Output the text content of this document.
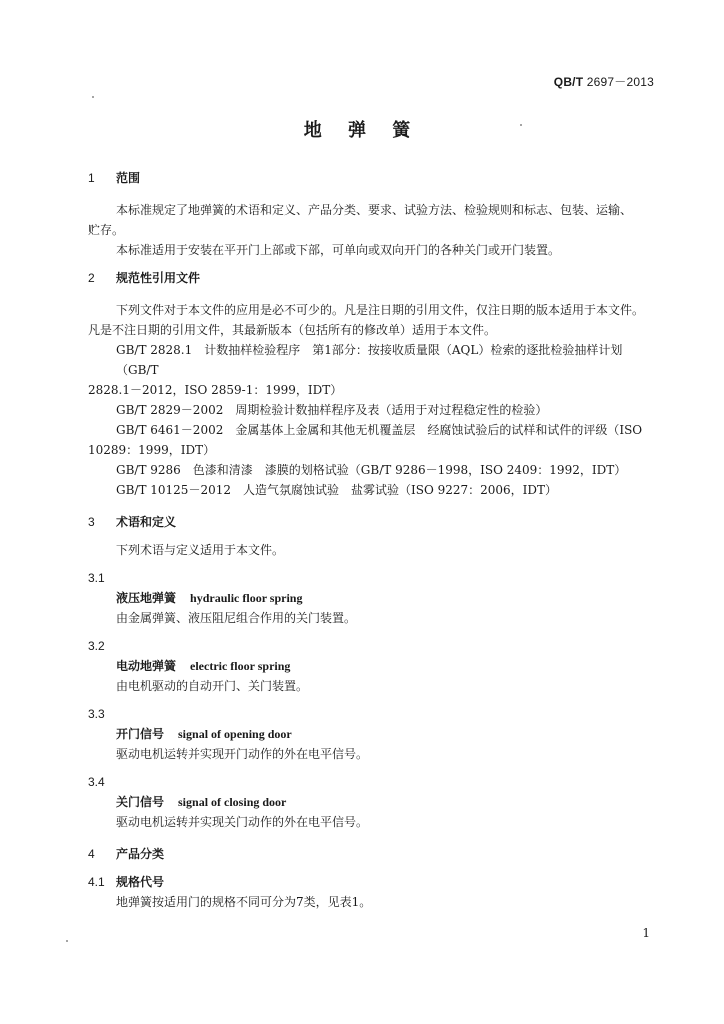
QB/T 2697－2013
地 弹 簧
1 范围

本标准规定了地弹簧的术语和定义、产品分类、要求、试验方法、检验规则和标志、包装、运输、

贮存。

本标准适用于安装在平开门上部或下部，可单向或双向开门的各种关门或开门装置。

2 规范性引用文件

下列文件对于本文件的应用是必不可少的。凡是注日期的引用文件，仅注日期的版本适用于本文件。

凡是不注日期的引用文件，其最新版本（包括所有的修改单）适用于本文件。

GB/T 2828.1　计数抽样检验程序　第1部分：按接收质量限（AQL）检索的逐批检验抽样计划（GB/T

2828.1－2012，ISO 2859-1：1999，IDT）

GB/T 2829－2002　周期检验计数抽样程序及表（适用于对过程稳定性的检验）

GB/T 6461－2002　金属基体上金属和其他无机覆盖层　经腐蚀试验后的试样和试件的评级（ISO

10289：1999，IDT）

GB/T 9286　色漆和清漆　漆膜的划格试验（GB/T 9286－1998，ISO 2409：1992，IDT）

GB/T 10125－2012　人造气氛腐蚀试验　盐雾试验（ISO 9227：2006，IDT）

3 术语和定义

下列术语与定义适用于本文件。

3.1
液压地弹簧 hydraulic floor spring

由金属弹簧、液压阻尼组合作用的关门装置。

3.2
电动地弹簧 electric floor spring

由电机驱动的自动开门、关门装置。

3.3
开门信号 signal of opening door

驱动电机运转并实现开门动作的外在电平信号。

3.4
关门信号 signal of closing door

驱动电机运转并实现关门动作的外在电平信号。

4 产品分类
4.1 规格代号

地弹簧按适用门的规格不同可分为7类，见表1。

1
